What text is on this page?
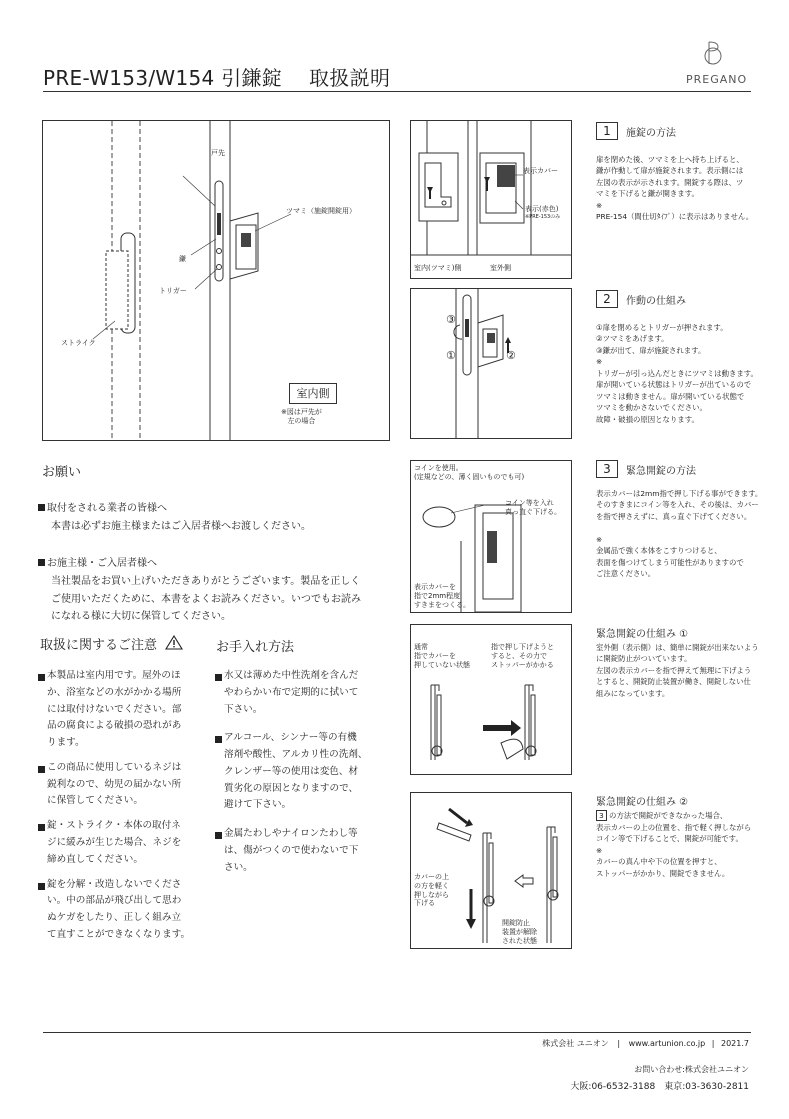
PRE-W153/W154 引鎌錠　 取扱説明	PREGANO
戸先
ツマミ（施錠開錠用）
鎌
トリガー
ストライク
室内側
※図は戸先が
左の場合
表示カバー
表示(赤色)
※PRE-153のみ
室内(ツマミ)側	室外側
③
①	②
コインを使用。
(定規などの、薄く固いものでも可)
コイン等を入れ
真っ直ぐ下げる。
表示カバーを
指で2mm程度
すきまをつくる。
通常
指でカバーを
押していない状態
指で押し下げようと
すると、その力で
ストッパーがかかる
カバーの上
の方を軽く
押しながら
下げる
開錠防止
装置が解除
された状態
1	施錠の方法
扉を閉めた後、ツマミを上へ持ち上げると、
鎌が作動して扉が施錠されます。表示側には
左図の表示が示されます。開錠する際は、ツ
マミを下げると鎌が開きます。
※
PRE-154（間仕切ﾀｲﾌﾟ）に表示はありません。
2	作動の仕組み
①扉を閉めるとトリガーが押されます。
②ツマミをあげます。
③鎌が出て、扉が施錠されます。
※
トリガーが引っ込んだときにツマミは動きます。
扉が開いている状態はトリガーが出ているので
ツマミは動きません。扉が開いている状態で
ツマミを動かさないでください。
故障・破損の原因となります。
3	緊急開錠の方法
表示カバーは2mm指で押し下げる事ができます。
そのすきまにコイン等を入れ、その後は、カバー
を指で押さえずに、真っ直ぐ下げてください。

※
金属品で強く本体をこすりつけると、
表面を傷つけてしまう可能性がありますので
ご注意ください。
緊急開錠の仕組み ①
室外側（表示側）は、簡単に開錠が出来ないよう
に開錠防止がついています。
左図の表示カバーを指で押えて無理に下げよう
とすると、開錠防止装置が働き、開錠しない仕
組みになっています。
緊急開錠の仕組み ②
3 の方法で開錠ができなかった場合、
表示カバーの上の位置を、指で軽く押しながら
コイン等で下げることで、開錠が可能です。
※
カバーの真ん中や下の位置を押すと、
ストッパーがかかり、開錠できません。
お願い
取付をされる業者の皆様へ
本書は必ずお施主様またはご入居者様へお渡しください。
お施主様・ご入居者様へ
当社製品をお買い上げいただきありがとうございます。製品を正しく
ご使用いただくために、本書をよくお読みください。いつでもお読み
になれる様に大切に保管してください。
取扱に関するご注意
本製品は室内用です。屋外のほ
か、浴室などの水がかかる場所
には取付けないでください。部
品の腐食による破損の恐れがあ
ります。
この商品に使用しているネジは
鋭利なので、幼児の届かない所
に保管してください。
錠・ストライク・本体の取付ネ
ジに緩みが生じた場合、ネジを
締め直してください。
錠を分解・改造しないでくださ
い。中の部品が飛び出して思わ
ぬケガをしたり、正しく組み立
て直すことができなくなります。
お手入れ方法
水又は薄めた中性洗剤を含んだ
やわらかい布で定期的に拭いて
下さい。
アルコール、シンナー等の有機
溶剤や酸性、アルカリ性の洗剤、
クレンザー等の使用は変色、材
質劣化の原因となりますので、
避けて下さい。
金属たわしやナイロンたわし等
は、傷がつくので使わないで下
さい。
株式会社 ユニオン | www.artunion.co.jp | 2021.7
お問い合わせ:株式会社ユニオン
大阪:06-6532-3188　東京:03-3630-2811
